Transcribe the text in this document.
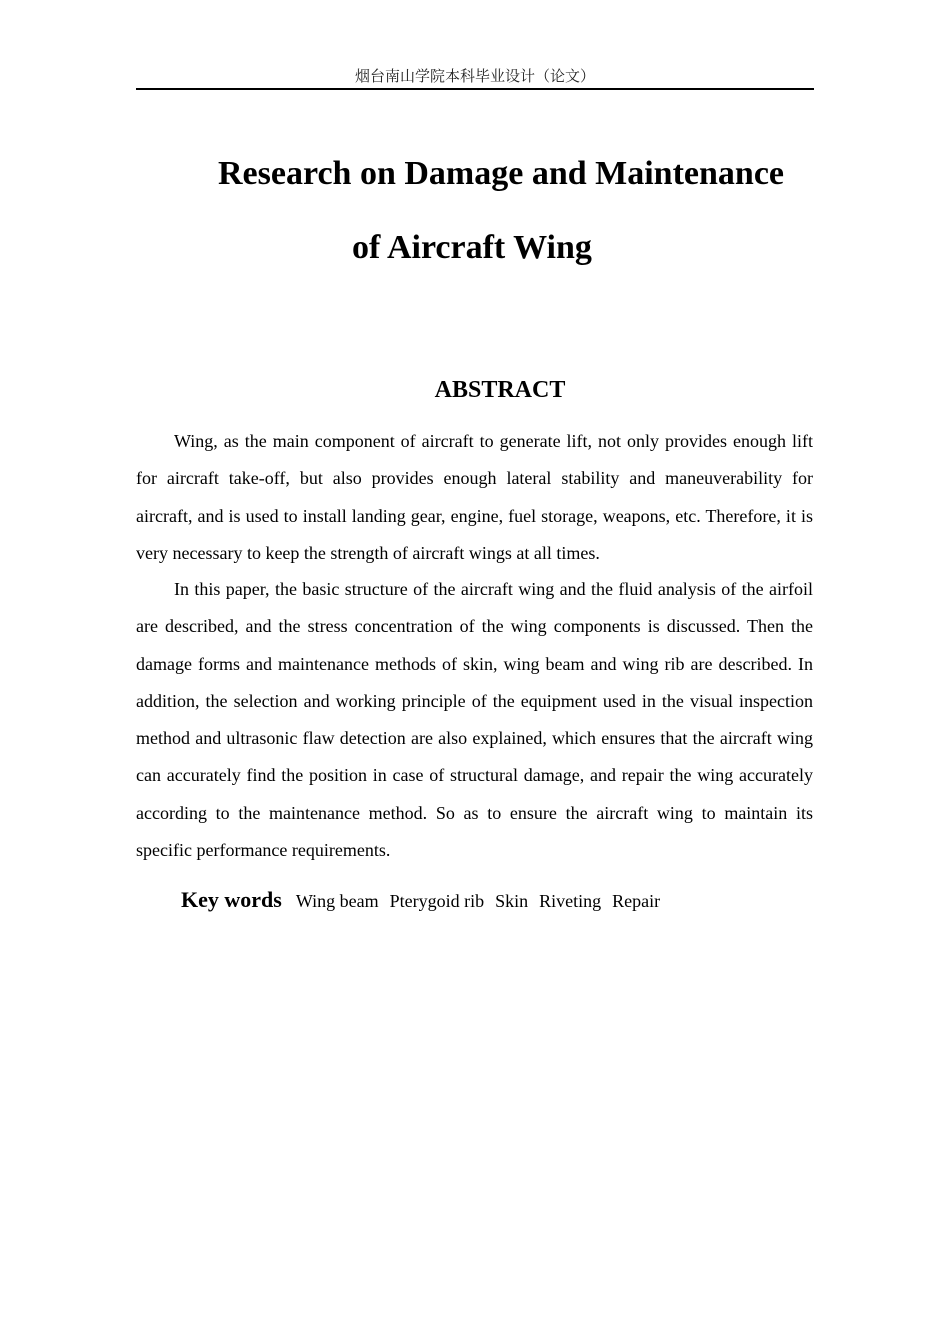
烟台南山学院本科毕业设计（论文）
Research on Damage and Maintenance
of Aircraft Wing
ABSTRACT

Wing, as the main component of aircraft to generate lift, not only provides enough lift for aircraft take-off, but also provides enough lateral stability and maneuverability for aircraft, and is used to install landing gear, engine, fuel storage, weapons, etc. Therefore, it is very necessary to keep the strength of aircraft wings at all times.

In this paper, the basic structure of the aircraft wing and the fluid analysis of the airfoil are described, and the stress concentration of the wing components is discussed. Then the damage forms and maintenance methods of skin, wing beam and wing rib are described. In addition, the selection and working principle of the equipment used in the visual inspection method and ultrasonic flaw detection are also explained, which ensures that the aircraft wing can accurately find the position in case of structural damage, and repair the wing accurately according to the maintenance method. So as to ensure the aircraft wing to maintain its specific performance requirements.

Key words Wing beam Pterygoid rib Skin Riveting Repair
